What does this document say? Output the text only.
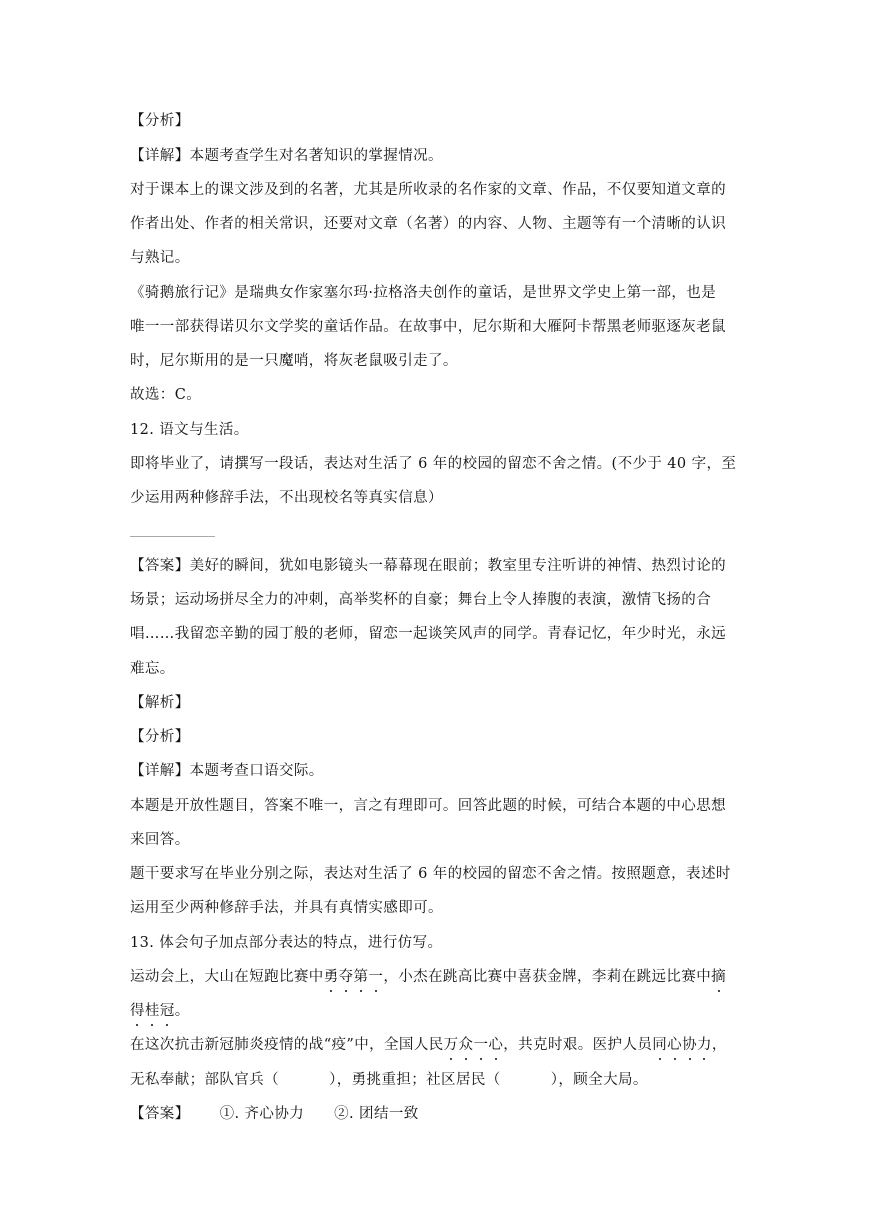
【分析】
【详解】本题考查学生对名著知识的掌握情况。
对于课本上的课文涉及到的名著，尤其是所收录的名作家的文章、作品，不仅要知道文章的
作者出处、作者的相关常识，还要对文章（名著）的内容、人物、主题等有一个清晰的认识
与熟记。
《骑鹅旅行记》是瑞典女作家塞尔玛·拉格洛夫创作的童话，是世界文学史上第一部，也是
唯一一部获得诺贝尔文学奖的童话作品。在故事中，尼尔斯和大雁阿卡帮黑老师驱逐灰老鼠
时，尼尔斯用的是一只魔哨，将灰老鼠吸引走了。
故选：C。
12. 语文与生活。
即将毕业了，请撰写一段话，表达对生活了 6 年的校园的留恋不舍之情。(不少于 40 字，至
少运用两种修辞手法，不出现校名等真实信息）
【答案】美好的瞬间，犹如电影镜头一幕幕现在眼前；教室里专注听讲的神情、热烈讨论的
场景；运动场拼尽全力的冲刺，高举奖杯的自豪；舞台上令人捧腹的表演，激情飞扬的合
唱……我留恋辛勤的园丁般的老师，留恋一起谈笑风声的同学。青春记忆，年少时光，永远
难忘。
【解析】
【分析】
【详解】本题考查口语交际。
本题是开放性题目，答案不唯一，言之有理即可。回答此题的时候，可结合本题的中心思想
来回答。
题干要求写在毕业分别之际，表达对生活了 6 年的校园的留恋不舍之情。按照题意，表述时
运用至少两种修辞手法，并具有真情实感即可。
13. 体会句子加点部分表达的特点，进行仿写。
运动会上，大山在短跑比赛中勇夺第一，小杰在跳高比赛中喜获金牌，李莉在跳远比赛中摘
得桂冠。
在这次抗击新冠肺炎疫情的战“疫”中，全国人民万众一心，共克时艰。医护人员同心协力，
无私奉献；部队官兵（          ），勇挑重担；社区居民（          ），顾全大局。
【答案】 ①. 齐心协力 ②. 团结一致
